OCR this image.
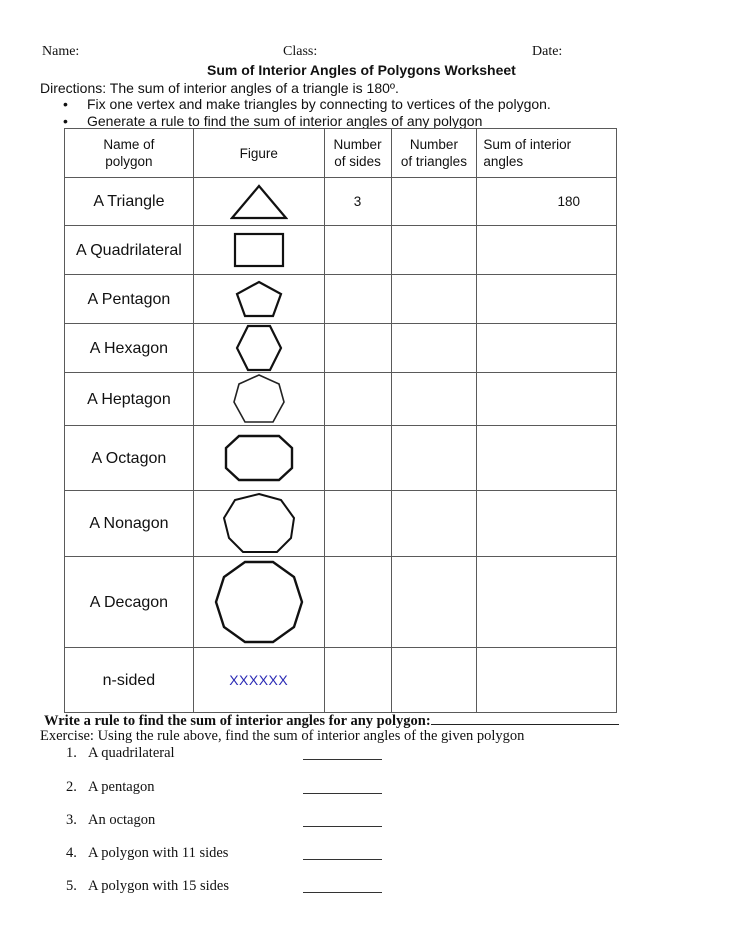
Name:	Class:	Date:
Sum of Interior Angles of Polygons Worksheet
Directions: The sum of interior angles of a triangle is 180º.
• Fix one vertex and make triangles by connecting to vertices of the polygon.
• Generate a rule to find the sum of interior angles of any polygon
Name of
polygon	Figure	Number
of sides	Number
of triangles	Sum of interior
angles
A Triangle		3		180
A Quadrilateral	

A Pentagon	

A Hexagon	

A Heptagon	

A Octagon	

A Nonagon	

A Decagon	

n-sided	XXXXXX			
Write a rule to find the sum of interior angles for any polygon:
Exercise: Using the rule above, find the sum of interior angles of the given polygon
1. A quadrilateral
2. A pentagon
3. An octagon
4. A polygon with 11 sides
5. A polygon with 15 sides
